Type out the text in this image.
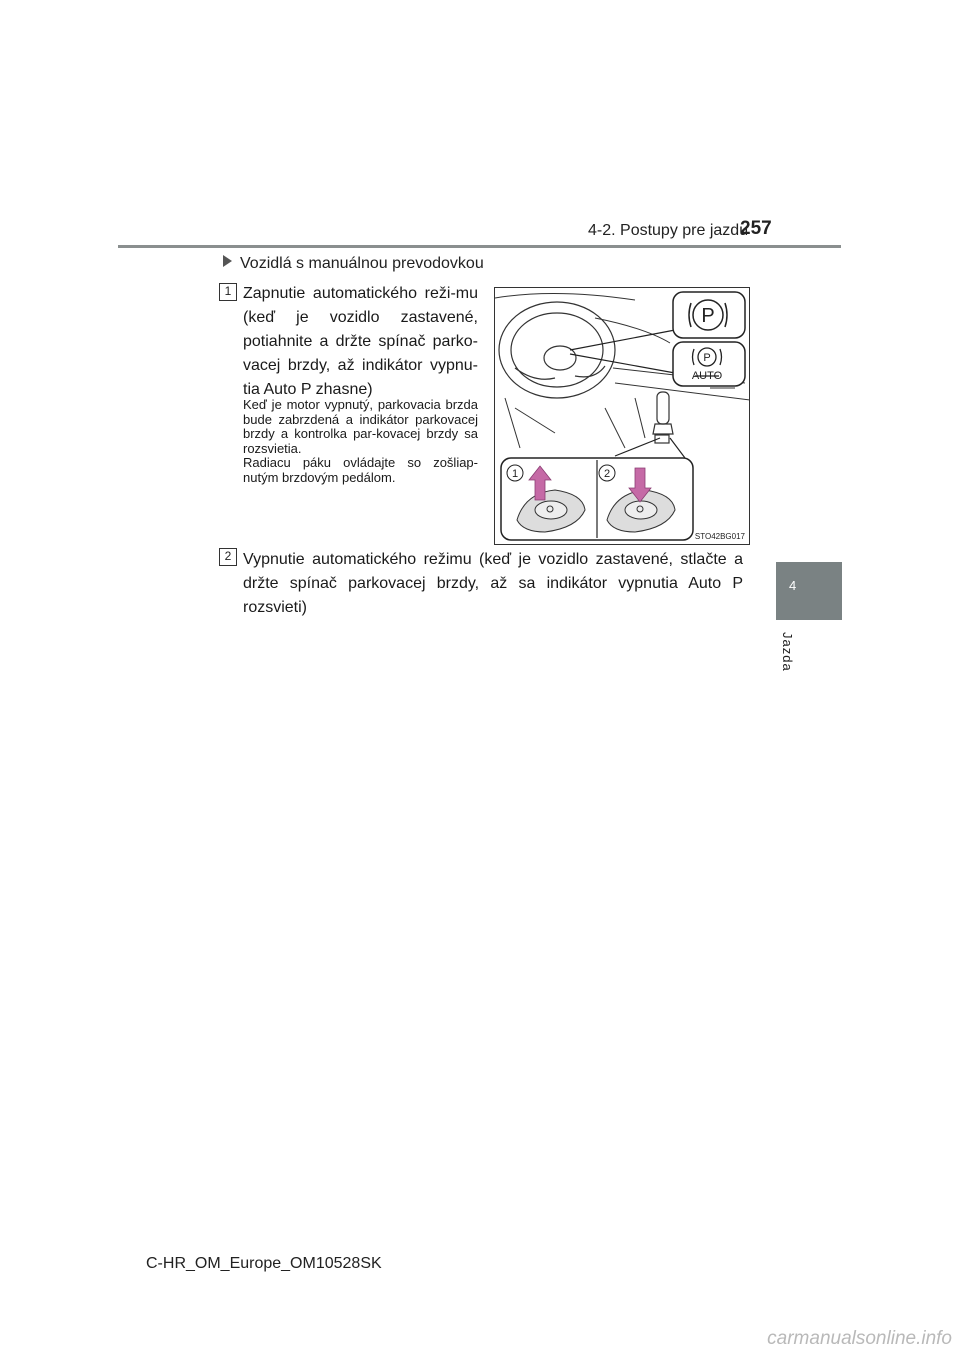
4-2. Postupy pre jazdu
257
4
Jazda
Vozidlá s manuálnou prevodovkou
1 Zapnutie automatického reži-mu (keď je vozidlo zastavené, potiahnite a držte spínač parko-vacej brzdy, až indikátor vypnu-tia Auto P zhasne)
Keď je motor vypnutý, parkovacia brzda bude zabrzdená a indikátor parkovacej brzdy a kontrolka par-kovacej brzdy sa rozsvietia.
Radiacu páku ovládajte so zošliap-nutým brzdovým pedálom.
P
P
AUTO
1	2
STO42BG017
2 Vypnutie automatického režimu (keď je vozidlo zastavené, stlačte a držte spínač parkovacej brzdy, až sa indikátor vypnutia Auto P rozsvieti)
C-HR_OM_Europe_OM10528SK
carmanualsonline.info
